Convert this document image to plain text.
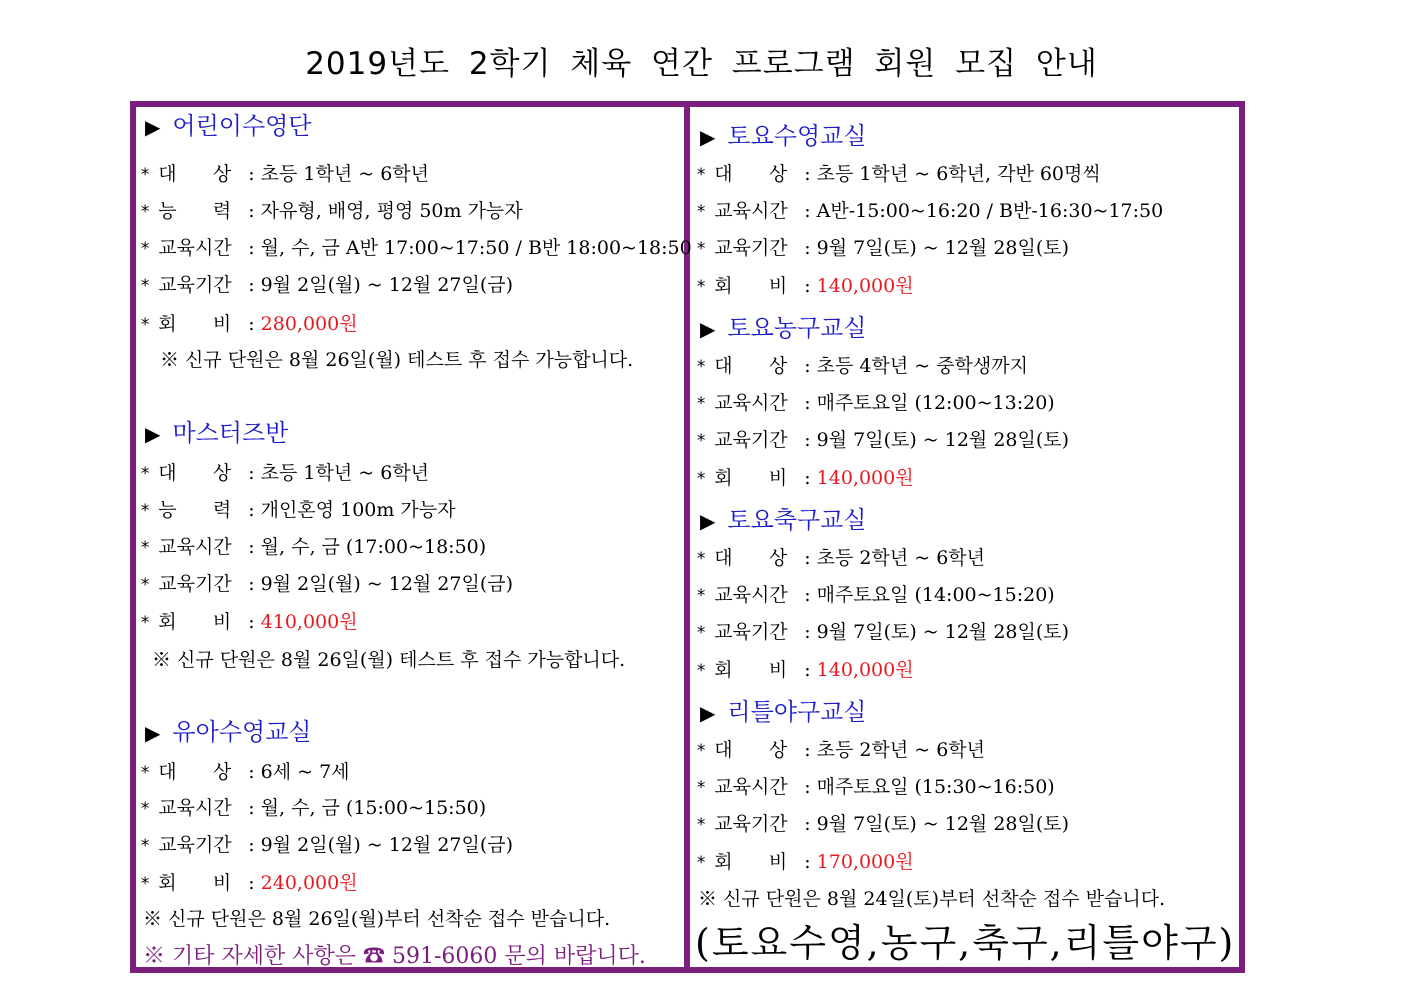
2019년도 2학기 체육 연간 프로그램 회원 모집 안내
▶ 어린이수영단
* 대      상 : 초등 1학년 ~ 6학년
* 능      력 : 자유형, 배영, 평영 50m 가능자
* 교육시간 : 월, 수, 금 A반 17:00~17:50 / B반 18:00~18:50
* 교육기간 : 9월 2일(월) ~ 12월 27일(금)
* 회      비 : 280,000원
※ 신규 단원은 8월 26일(월) 테스트 후 접수 가능합니다.
▶ 마스터즈반
* 대      상 : 초등 1학년 ~ 6학년
* 능      력 : 개인혼영 100m 가능자
* 교육시간 : 월, 수, 금 (17:00~18:50)
* 교육기간 : 9월 2일(월) ~ 12월 27일(금)
* 회      비 : 410,000원
※ 신규 단원은 8월 26일(월) 테스트 후 접수 가능합니다.
▶ 유아수영교실
* 대      상 : 6세 ~ 7세
* 교육시간 : 월, 수, 금 (15:00~15:50)
* 교육기간 : 9월 2일(월) ~ 12월 27일(금)
* 회      비 : 240,000원
※ 신규 단원은 8월 26일(월)부터 선착순 접수 받습니다.
※ 기타 자세한 사항은 ☎ 591-6060 문의 바랍니다.
▶ 토요수영교실
* 대      상 : 초등 1학년 ~ 6학년, 각반 60명씩
* 교육시간 : A반-15:00~16:20 / B반-16:30~17:50
* 교육기간 : 9월 7일(토) ~ 12월 28일(토)
* 회      비 : 140,000원
▶ 토요농구교실
* 대      상 : 초등 4학년 ~ 중학생까지
* 교육시간 : 매주토요일 (12:00~13:20)
* 교육기간 : 9월 7일(토) ~ 12월 28일(토)
* 회      비 : 140,000원
▶ 토요축구교실
* 대      상 : 초등 2학년 ~ 6학년
* 교육시간 : 매주토요일 (14:00~15:20)
* 교육기간 : 9월 7일(토) ~ 12월 28일(토)
* 회      비 : 140,000원
▶ 리틀야구교실
* 대      상 : 초등 2학년 ~ 6학년
* 교육시간 : 매주토요일 (15:30~16:50)
* 교육기간 : 9월 7일(토) ~ 12월 28일(토)
* 회      비 : 170,000원
※ 신규 단원은 8월 24일(토)부터 선착순 접수 받습니다.
(토요수영,농구,축구,리틀야구)
